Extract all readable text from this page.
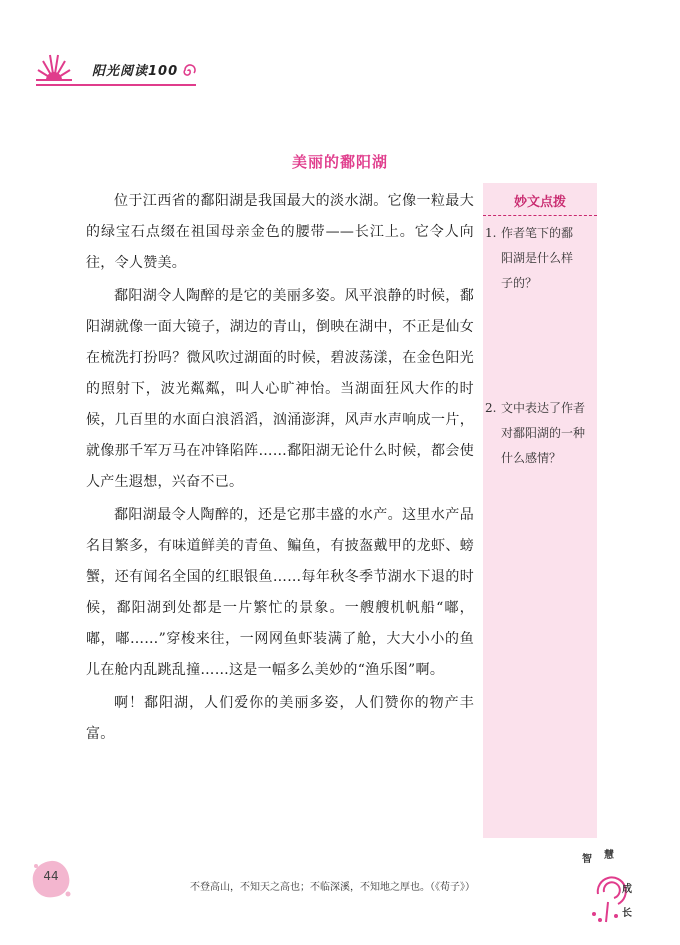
阳光阅读100
美丽的鄱阳湖
妙文点拨
1. 作者笔下的鄱
阳湖是什么样
子的？
2. 文中表达了作者
对鄱阳湖的一种
什么感情？

位于江西省的鄱阳湖是我国最大的淡水湖。它像一粒最大的绿宝石点缀在祖国母亲金色的腰带——长江上。它令人向往，令人赞美。

鄱阳湖令人陶醉的是它的美丽多姿。风平浪静的时候，鄱阳湖就像一面大镜子，湖边的青山，倒映在湖中，不正是仙女在梳洗打扮吗？微风吹过湖面的时候，碧波荡漾，在金色阳光的照射下，波光粼粼，叫人心旷神怡。当湖面狂风大作的时候，几百里的水面白浪滔滔，汹涌澎湃，风声水声响成一片，就像那千军万马在冲锋陷阵……鄱阳湖无论什么时候，都会使人产生遐想，兴奋不已。

鄱阳湖最令人陶醉的，还是它那丰盛的水产。这里水产品名目繁多，有味道鲜美的青鱼、鳊鱼，有披盔戴甲的龙虾、螃蟹，还有闻名全国的红眼银鱼……每年秋冬季节湖水下退的时候，鄱阳湖到处都是一片繁忙的景象。一艘艘机帆船“嘟，嘟，嘟……”穿梭来往，一网网鱼虾装满了舱，大大小小的鱼儿在舱内乱跳乱撞……这是一幅多么美妙的“渔乐图”啊。

啊！鄱阳湖，人们爱你的美丽多姿，人们赞你的物产丰富。

44
不登高山，不知天之高也；不临深溪，不知地之厚也。（《荀子》）
智 慧
成
长
